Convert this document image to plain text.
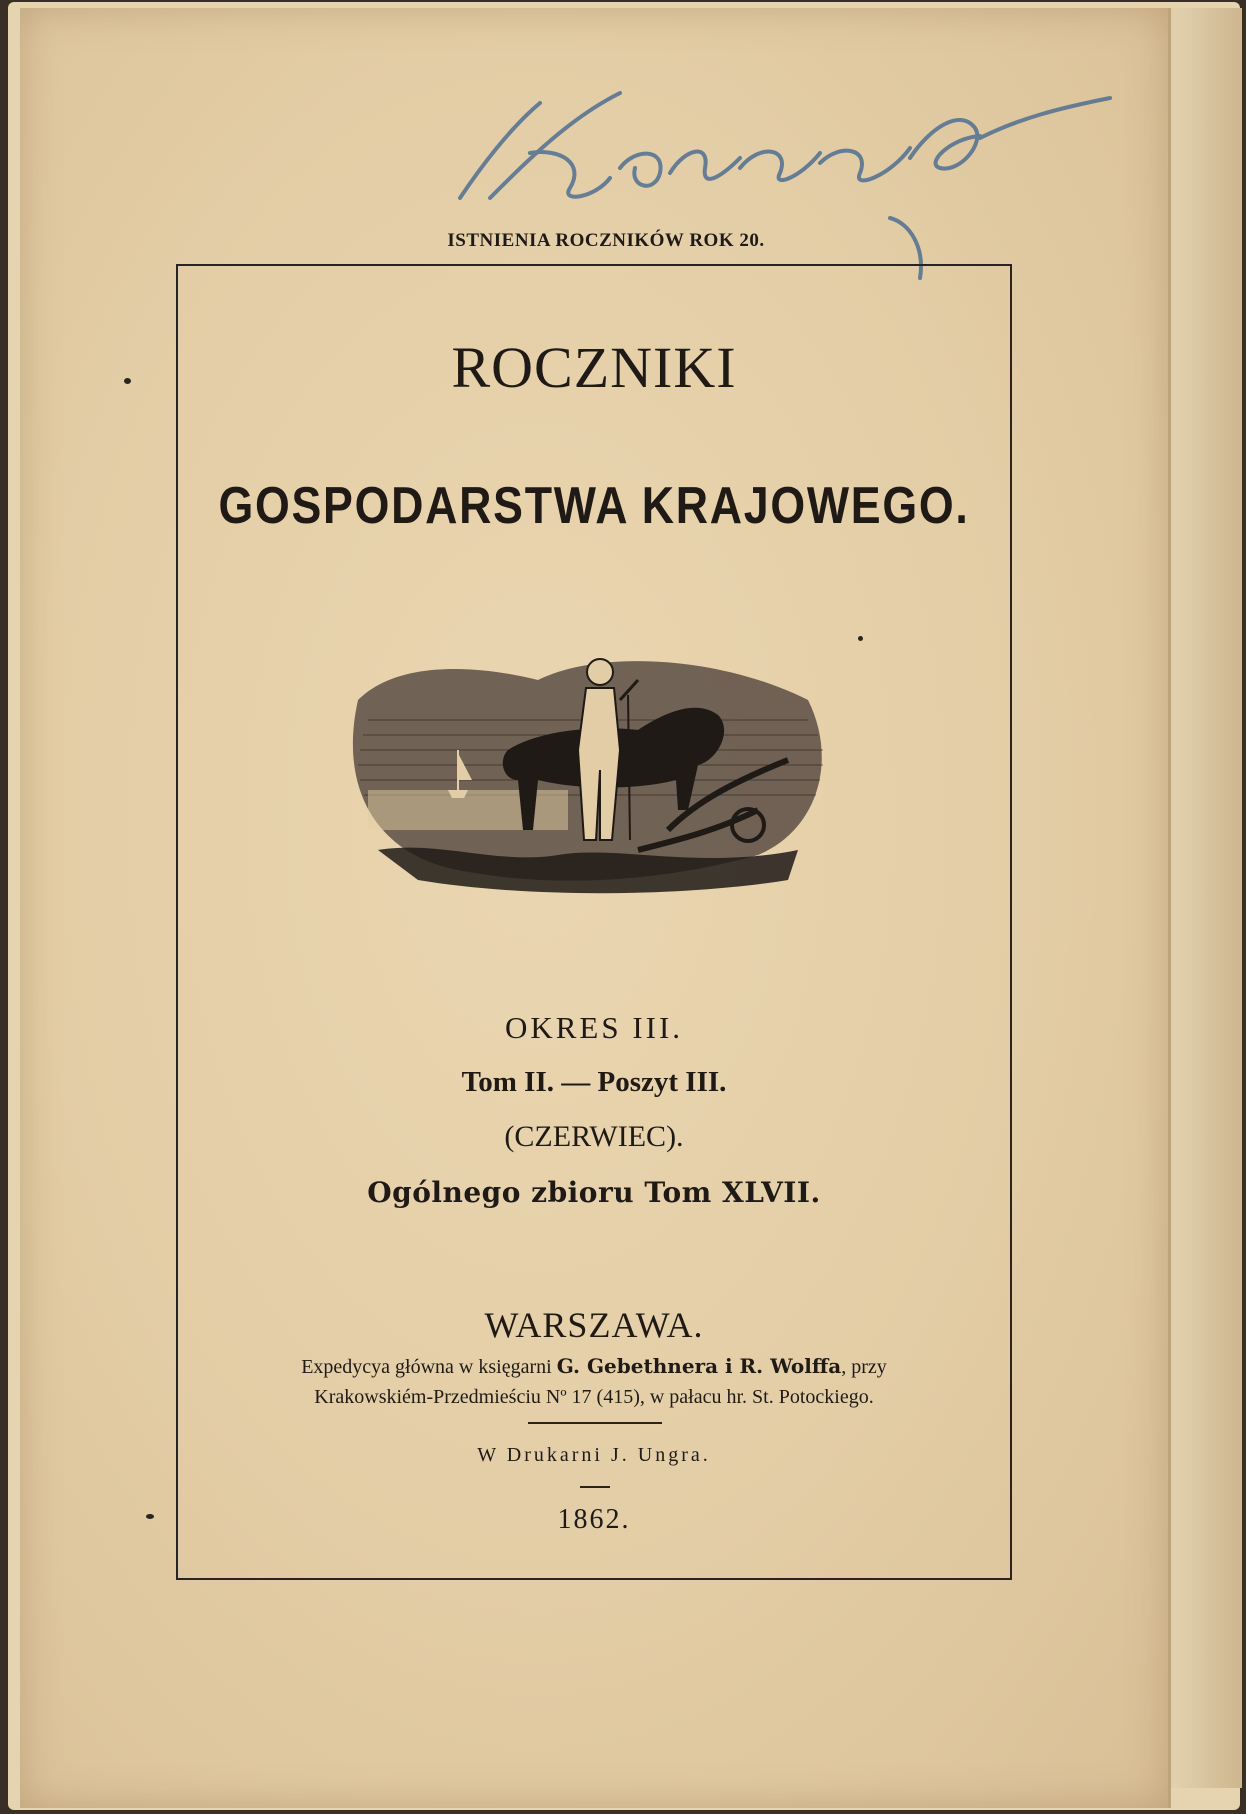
ISTNIENIA ROCZNIKÓW ROK 20.
ROCZNIKI
GOSPODARSTWA KRAJOWEGO.
OKRES III.
Tom II. — Poszyt III.
(CZERWIEC).
Ogólnego zbioru Tom XLVII.
WARSZAWA.
Expedycya główna w księgarni G. Gebethnera i R. Wolffa, przy
Krakowskiém-Przedmieściu Nº 17 (415), w pałacu hr. St. Potockiego.
W Drukarni J. Ungra.
1862.
